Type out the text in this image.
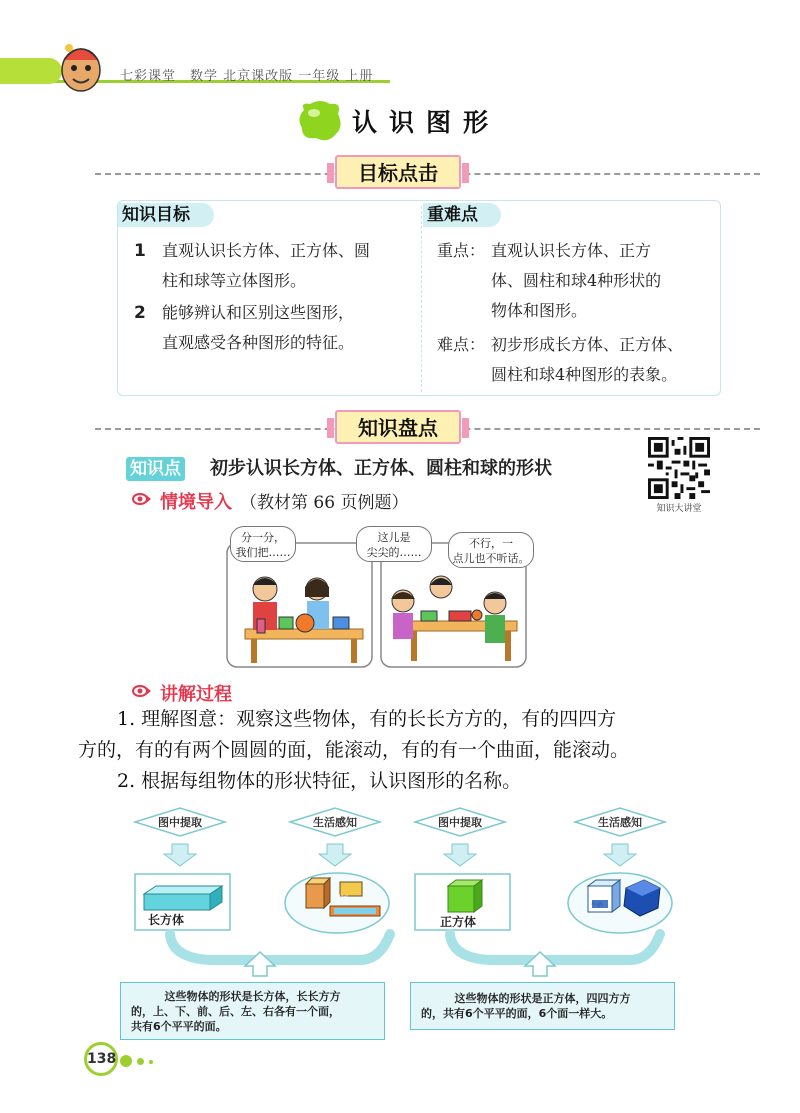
七彩课堂　数学 北京课改版 一年级 上册
认识图形
目标点击
知识目标
1 直观认识长方体、正方体、圆
柱和球等立体图形。
2 能够辨认和区别这些图形，
直观感受各种图形的特征。
重难点
重点： 直观认识长方体、正方
体、圆柱和球4种形状的
物体和图形。
难点： 初步形成长方体、正方体、
圆柱和球4种图形的表象。
知识盘点
知识点 初步认识长方体、正方体、圆柱和球的形状
知识大讲堂
情境导入 （教材第 66 页例题）
分一分，
我们把……
这儿是
尖尖的……
不行，一
点儿也不听话。
讲解过程
1. 理解图意：观察这些物体，有的长长方方的，有的四四方
方的，有的有两个圆圆的面，能滚动，有的有一个曲面，能滚动。
2. 根据每组物体的形状特征，认识图形的名称。
图中提取	生活感知	图中提取	生活感知
长方体	正方体
牛奶
梨园
这些物体的形状是长方体，长长方方
的，上、下、前、后、左、右各有一个面，
共有6个平平的面。
这些物体的形状是正方体，四四方方
的，共有6个平平的面，6个面一样大。
138
